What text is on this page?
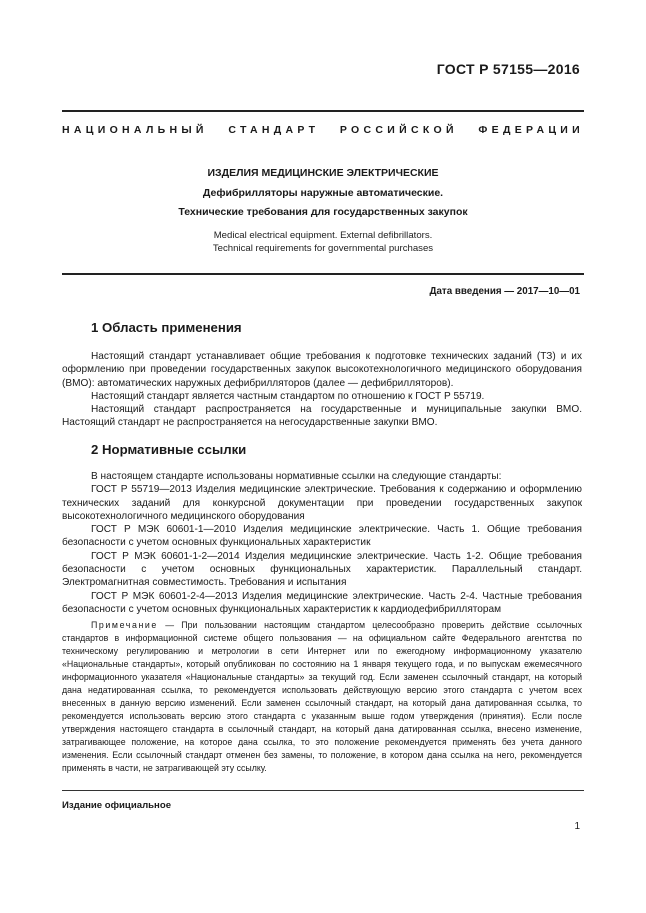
ГОСТ Р 57155—2016
НАЦИОНАЛЬНЫЙ СТАНДАРТ РОССИЙСКОЙ ФЕДЕРАЦИИ
ИЗДЕЛИЯ МЕДИЦИНСКИЕ ЭЛЕКТРИЧЕСКИЕ
Дефибрилляторы наружные автоматические.
Технические требования для государственных закупок
Medical electrical equipment. External defibrillators.
Technical requirements for governmental purchases
Дата введения — 2017—10—01
1 Область применения

Настоящий стандарт устанавливает общие требования к подготовке технических заданий (ТЗ) и их оформлению при проведении государственных закупок высокотехнологичного медицинского оборудования (ВМО): автоматических наружных дефибрилляторов (далее — дефибрилляторов).

Настоящий стандарт является частным стандартом по отношению к ГОСТ Р 55719.

Настоящий стандарт распространяется на государственные и муниципальные закупки ВМО. Настоящий стандарт не распространяется на негосударственные закупки ВМО.

2 Нормативные ссылки

В настоящем стандарте использованы нормативные ссылки на следующие стандарты:

ГОСТ Р 55719—2013 Изделия медицинские электрические. Требования к содержанию и оформлению технических заданий для конкурсной документации при проведении государственных закупок высокотехнологичного медицинского оборудования

ГОСТ Р МЭК 60601-1—2010 Изделия медицинские электрические. Часть 1. Общие требования безопасности с учетом основных функциональных характеристик

ГОСТ Р МЭК 60601-1-2—2014 Изделия медицинские электрические. Часть 1-2. Общие требования безопасности с учетом основных функциональных характеристик. Параллельный стандарт. Электромагнитная совместимость. Требования и испытания

ГОСТ Р МЭК 60601-2-4—2013 Изделия медицинские электрические. Часть 2-4. Частные требования безопасности с учетом основных функциональных характеристик к кардиодефибрилляторам

Примечание — При пользовании настоящим стандартом целесообразно проверить действие ссылочных стандартов в информационной системе общего пользования — на официальном сайте Федерального агентства по техническому регулированию и метрологии в сети Интернет или по ежегодному информационному указателю «Национальные стандарты», который опубликован по состоянию на 1 января текущего года, и по выпускам ежемесячного информационного указателя «Национальные стандарты» за текущий год. Если заменен ссылочный стандарт, на который дана недатированная ссылка, то рекомендуется использовать действующую версию этого стандарта с учетом всех внесенных в данную версию изменений. Если заменен ссылочный стандарт, на который дана датированная ссылка, то рекомендуется использовать версию этого стандарта с указанным выше годом утверждения (принятия). Если после утверждения настоящего стандарта в ссылочный стандарт, на который дана датированная ссылка, внесено изменение, затрагивающее положение, на которое дана ссылка, то это положение рекомендуется применять без учета данного изменения. Если ссылочный стандарт отменен без замены, то положение, в котором дана ссылка на него, рекомендуется применять в части, не затрагивающей эту ссылку.

Издание официальное
1
